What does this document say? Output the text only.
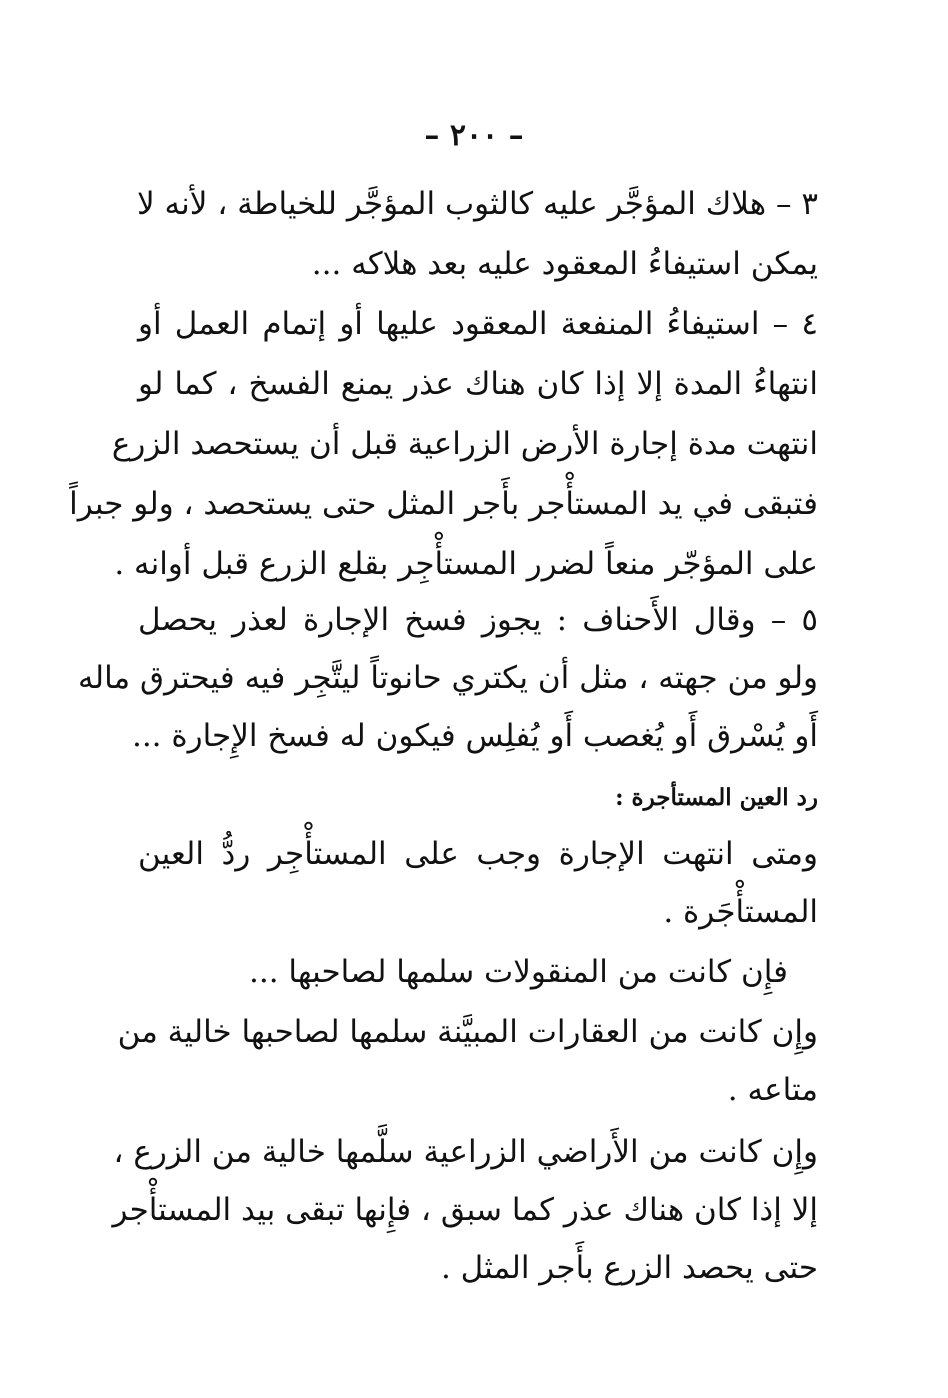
– ٢٠٠ –
٣ – هلاك المؤجَّر عليه كالثوب المؤجَّر للخياطة ، لأنه لا
يمكن استيفاءُ المعقود عليه بعد هلاكه ...
٤ – استيفاءُ المنفعة المعقود عليها أو إتمام العمل أو
انتهاءُ المدة إلا إذا كان هناك عذر يمنع الفسخ ، كما لو
انتهت مدة إجارة الأرض الزراعية قبل أن يستحصد الزرع
فتبقى في يد المستأْجر بأَجر المثل حتى يستحصد ، ولو جبراً
على المؤجّر منعاً لضرر المستأْجِر بقلع الزرع قبل أوانه .
٥ – وقال الأَحناف : يجوز فسخ الإجارة لعذر يحصل
ولو من جهته ، مثل أن يكتري حانوتاً ليتَّجِر فيه فيحترق ماله
أَو يُسْرق أَو يُغصب أَو يُفلِس فيكون له فسخ الإِجارة ...
رد العين المستأجرة :
ومتى انتهت الإجارة وجب على المستأْجِر ردُّ العين
المستأْجَرة .
فإِن كانت من المنقولات سلمها لصاحبها ...
وإِن كانت من العقارات المبيَّنة سلمها لصاحبها خالية من
متاعه .
وإِن كانت من الأَراضي الزراعية سلَّمها خالية من الزرع ،
إلا إذا كان هناك عذر كما سبق ، فإِنها تبقى بيد المستأْجر
حتى يحصد الزرع بأَجر المثل .
